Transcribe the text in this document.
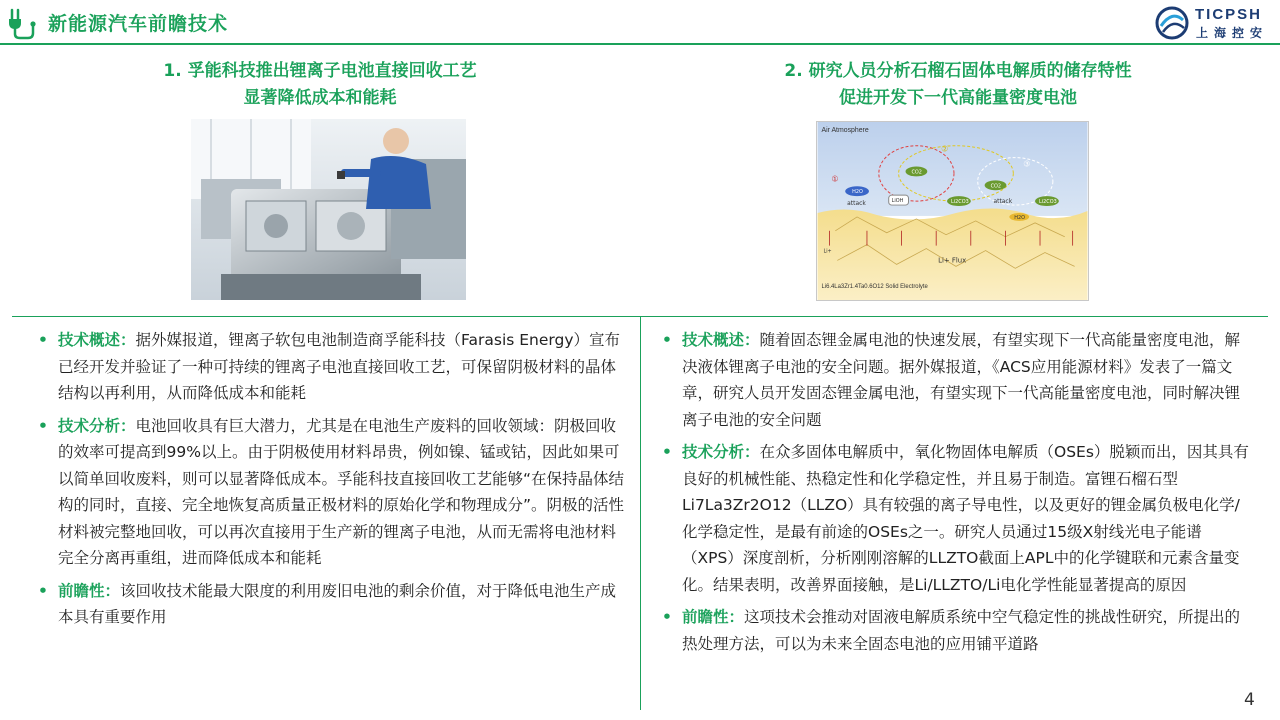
新能源汽车前瞻技术	TICPSH
上海控安
1. 孚能科技推出锂离子电池直接回收工艺
显著降低成本和能耗
2. 研究人员分析石榴石固体电解质的储存特性
促进开发下一代高能量密度电池
Air Atmosphere
①
②
③
H2O
attack
CO2
LiOH	Li2CO3
CO2
attack	Li2CO3
H2O
Li+
Li+ Flux
Li6.4La3Zr1.4Ta0.6O12 Solid Electrolyte
• 技术概述：据外媒报道，锂离子软包电池制造商孚能科技（Farasis Energy）宣布已经开发并验证了一种可持续的锂离子电池直接回收工艺，可保留阴极材料的晶体结构以再利用，从而降低成本和能耗
• 技术分析：电池回收具有巨大潜力，尤其是在电池生产废料的回收领域：阴极回收的效率可提高到99%以上。由于阴极使用材料昂贵，例如镍、锰或钴，因此如果可以简单回收废料，则可以显著降低成本。孚能科技直接回收工艺能够“在保持晶体结构的同时，直接、完全地恢复高质量正极材料的原始化学和物理成分”。阴极的活性材料被完整地回收，可以再次直接用于生产新的锂离子电池，从而无需将电池材料完全分离再重组，进而降低成本和能耗
• 前瞻性：该回收技术能最大限度的利用废旧电池的剩余价值，对于降低电池生产成本具有重要作用
• 技术概述：随着固态锂金属电池的快速发展，有望实现下一代高能量密度电池，解决液体锂离子电池的安全问题。据外媒报道，《ACS应用能源材料》发表了一篇文章，研究人员开发固态锂金属电池，有望实现下一代高能量密度电池，同时解决锂离子电池的安全问题
• 技术分析：在众多固体电解质中，氧化物固体电解质（OSEs）脱颖而出，因其具有良好的机械性能、热稳定性和化学稳定性，并且易于制造。富锂石榴石型Li7La3Zr2O12（LLZO）具有较强的离子导电性，以及更好的锂金属负极电化学/化学稳定性，是最有前途的OSEs之一。研究人员通过15级X射线光电子能谱（XPS）深度剖析，分析刚刚溶解的LLZTO截面上APL中的化学键联和元素含量变化。结果表明，改善界面接触，是Li/LLZTO/Li电化学性能显著提高的原因
• 前瞻性：这项技术会推动对固液电解质系统中空气稳定性的挑战性研究，所提出的热处理方法，可以为未来全固态电池的应用铺平道路
4
